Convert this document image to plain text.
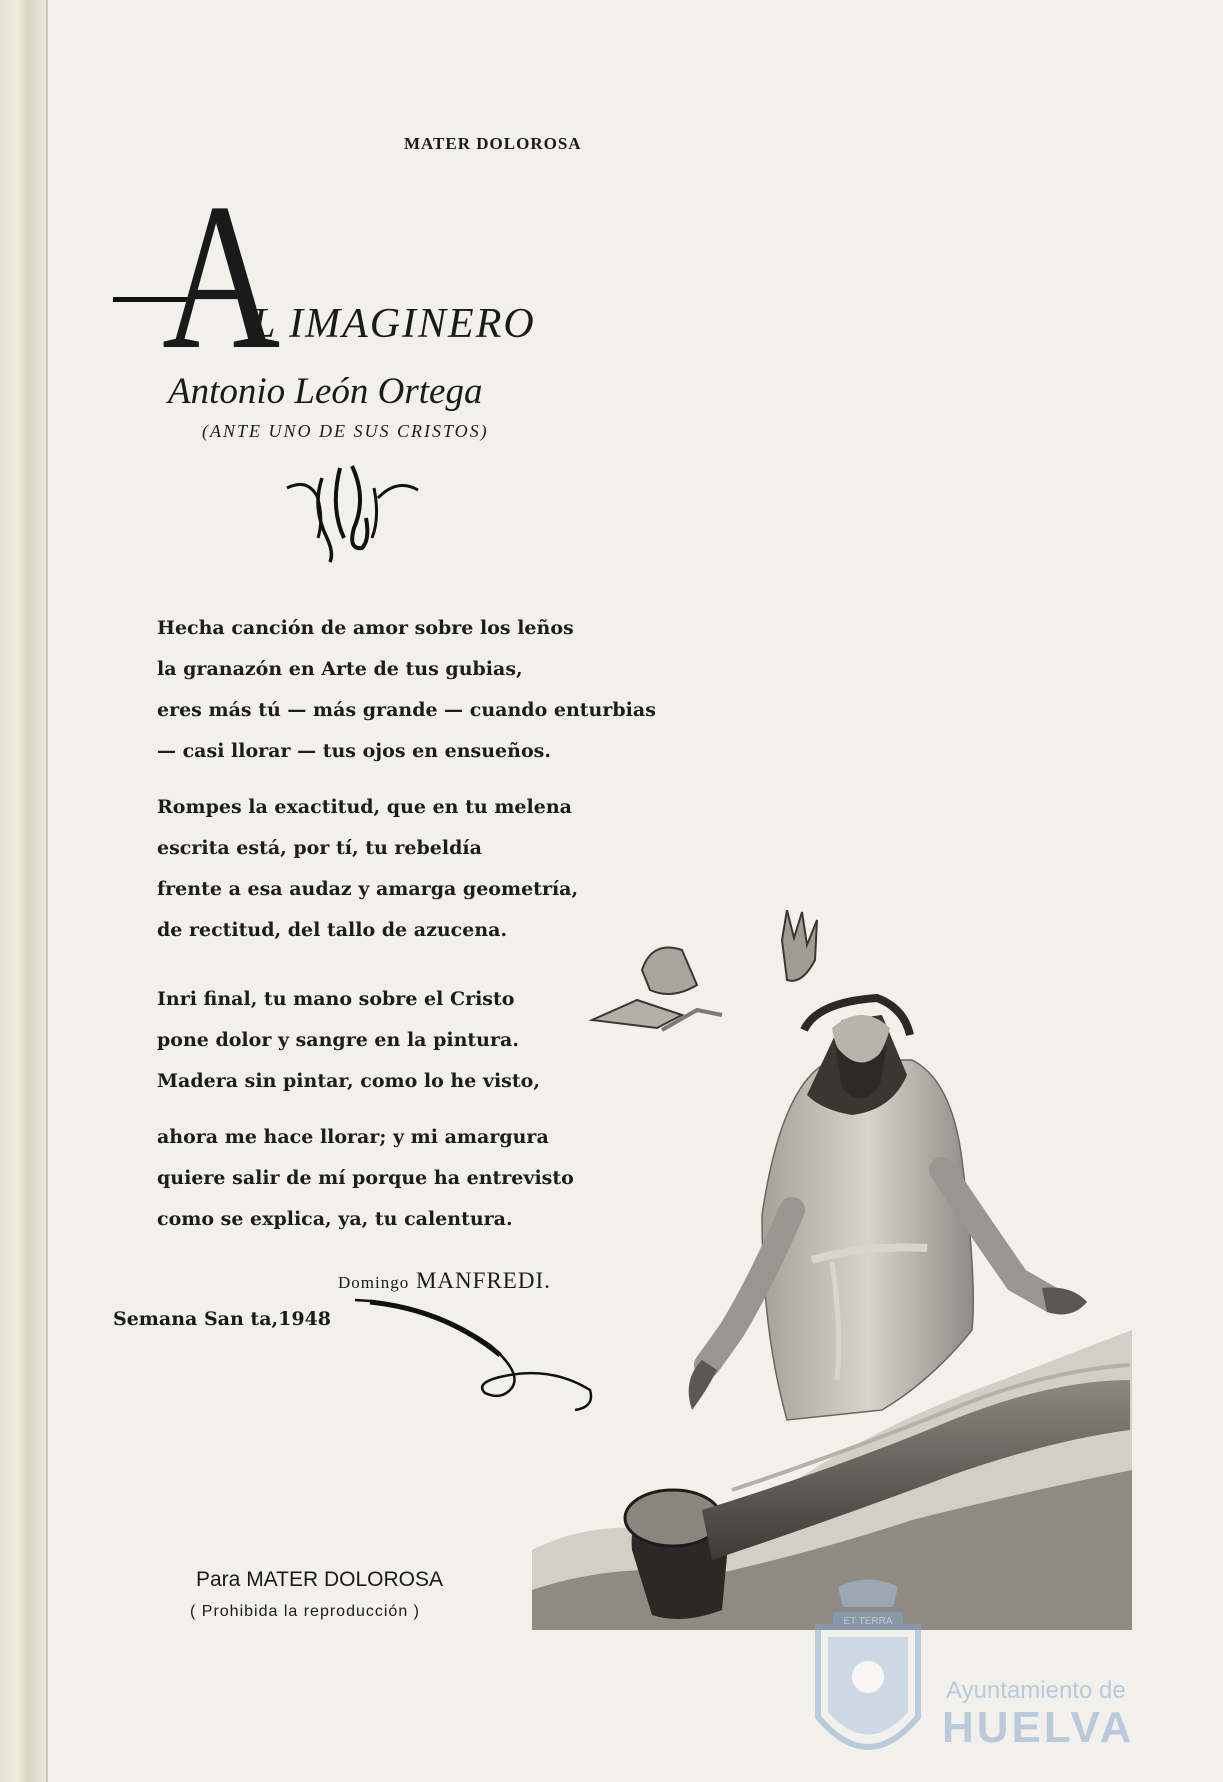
MATER DOLOROSA
A
L IMAGINERO
Antonio León Ortega
(ANTE UNO DE SUS CRISTOS)
Hecha canción de amor sobre los leños
la granazón en Arte de tus gubias,
eres más tú — más grande — cuando enturbias
— casi llorar — tus ojos en ensueños.
Rompes la exactitud, que en tu melena
escrita está, por tí, tu rebeldía
frente a esa audaz y amarga geometría,
de rectitud, del tallo de azucena.
Inri final, tu mano sobre el Cristo
pone dolor y sangre en la pintura.
Madera sin pintar, como lo he visto,
ahora me hace llorar; y mi amargura
quiere salir de mí porque ha entrevisto
como se explica, ya, tu calentura.
Domingo MANFREDI.
Semana San ta,1948
Para MATER DOLOROSA
( Prohibida la reproducción )
ET TERRA
Ayuntamiento de
HUELVA
